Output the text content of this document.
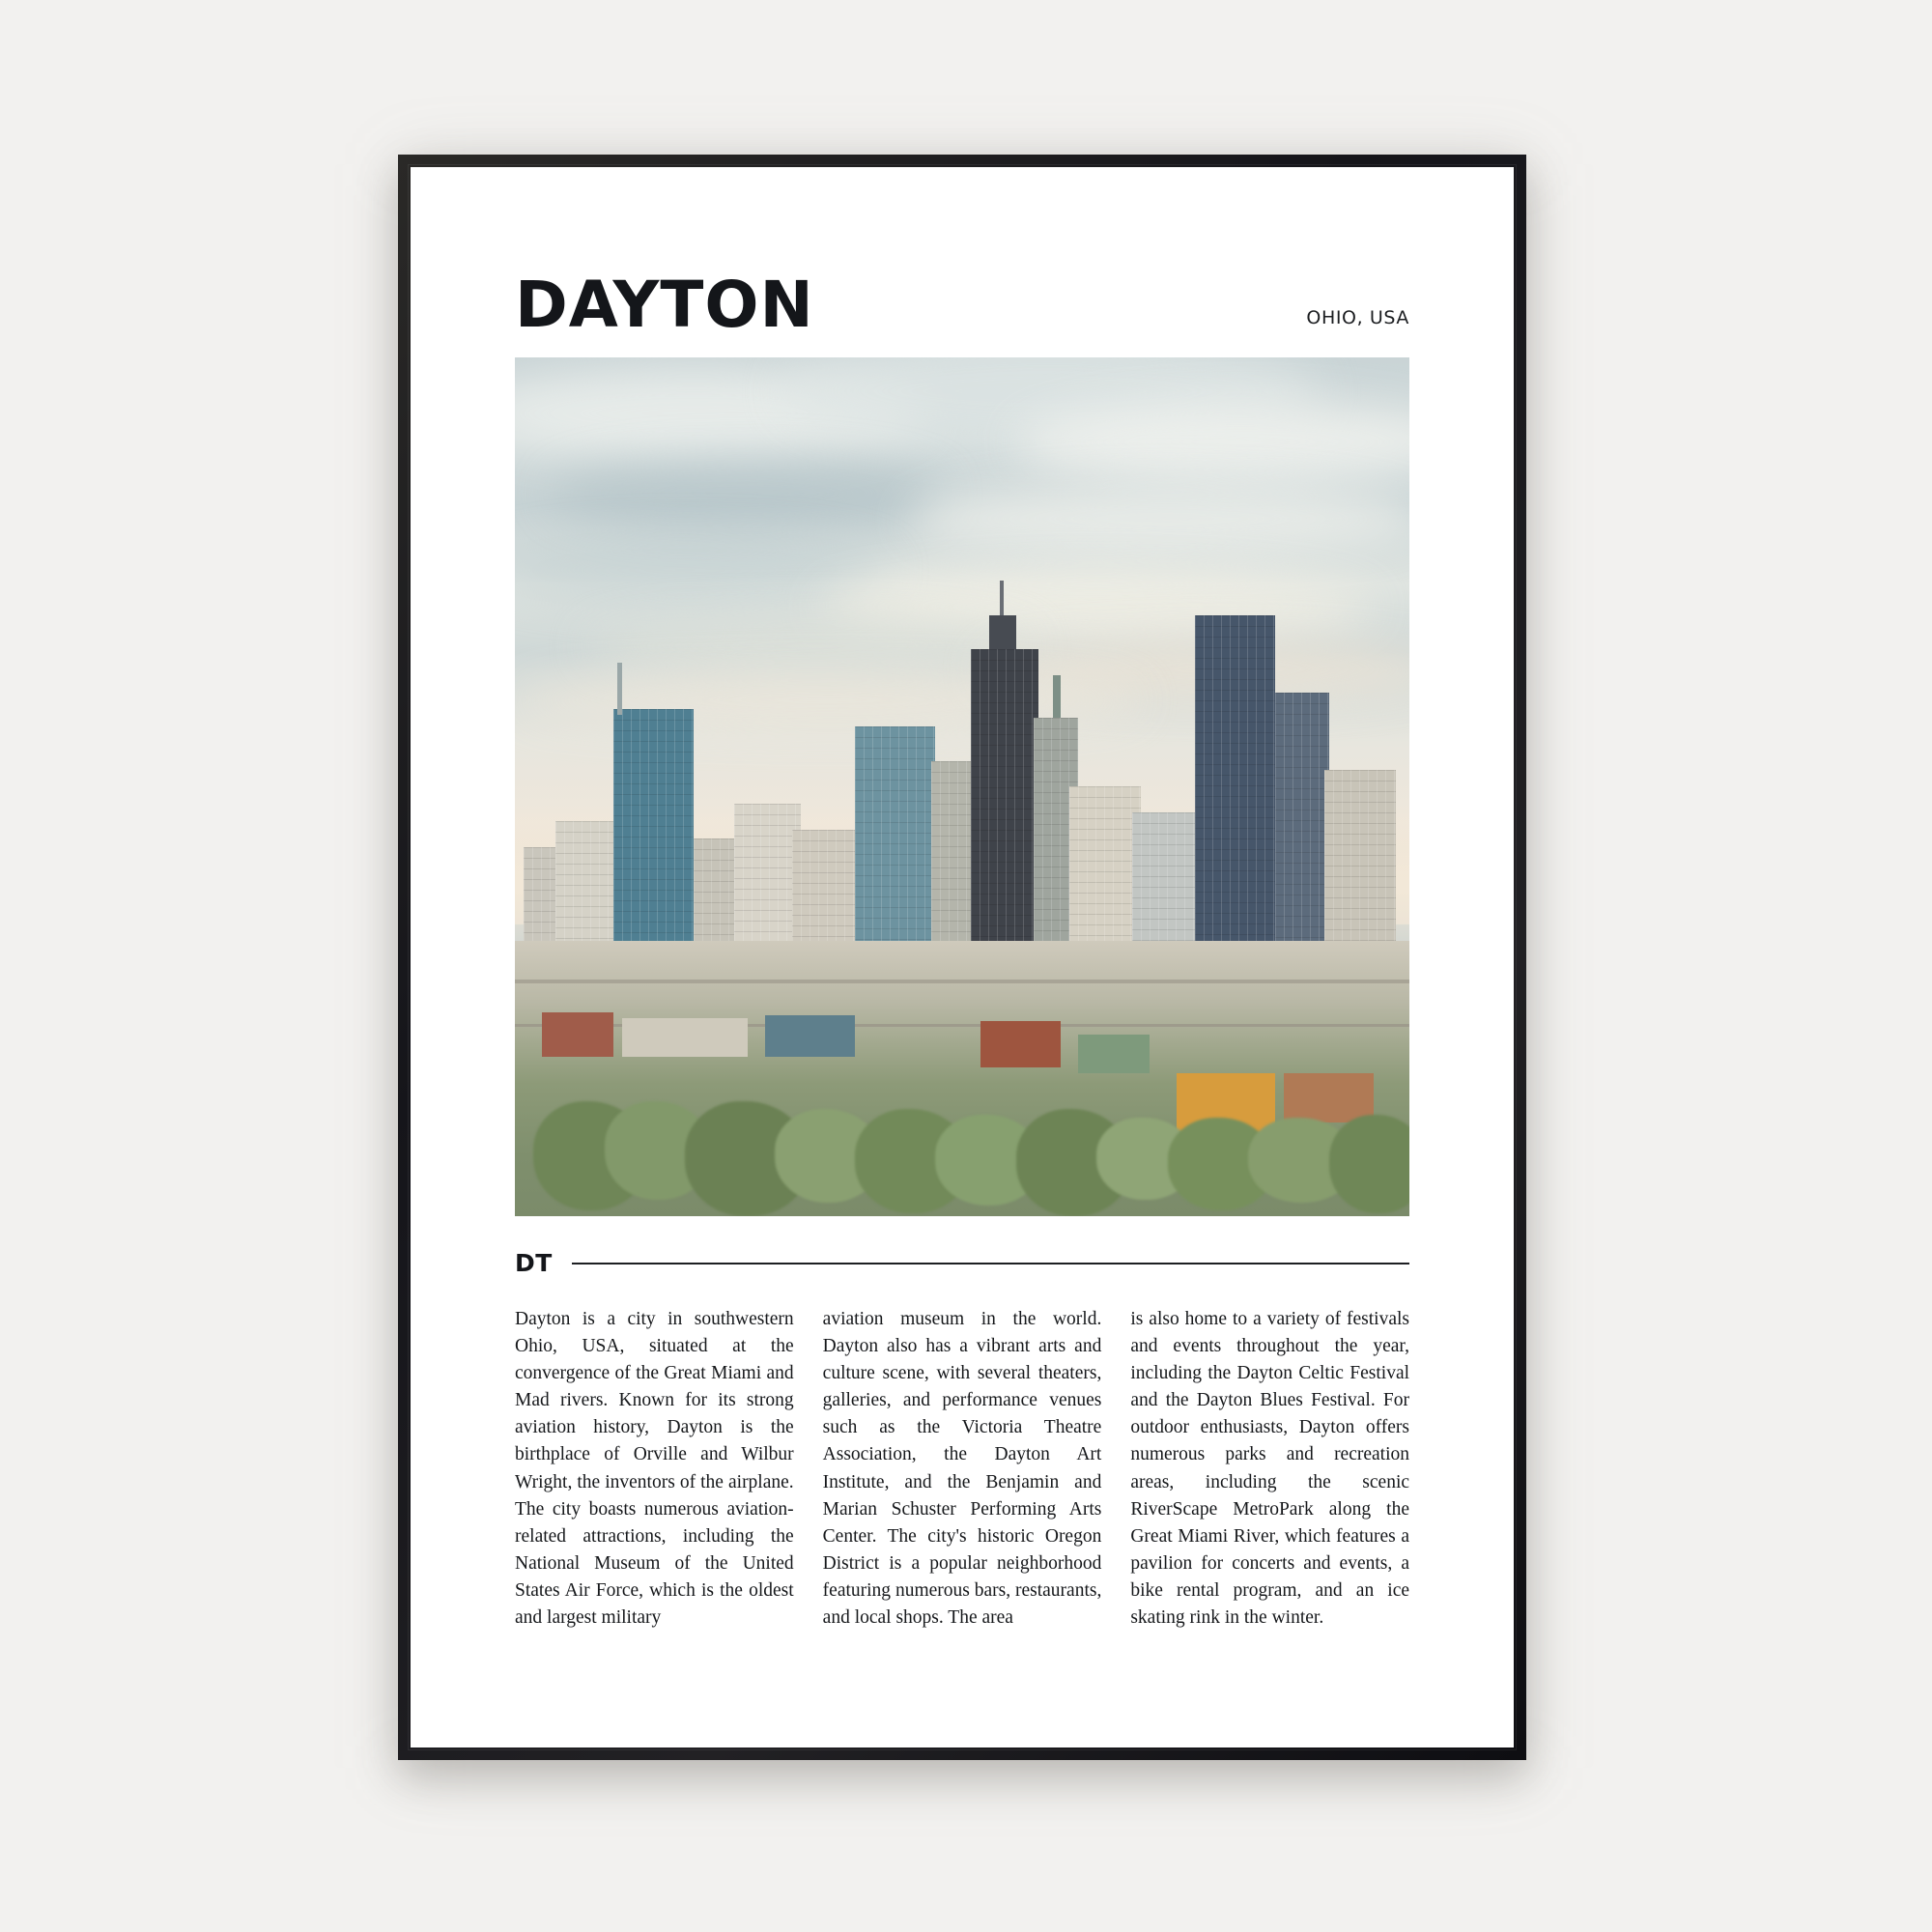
DAYTON	OHIO, USA
DT
Dayton is a city in southwestern Ohio, USA, situated at the convergence of the Great Miami and Mad rivers. Known for its strong aviation history, Dayton is the birthplace of Orville and Wilbur Wright, the inventors of the airplane. The city boasts numerous aviation-related attractions, including the National Museum of the United States Air Force, which is the oldest and largest military
aviation museum in the world. Dayton also has a vibrant arts and culture scene, with several theaters, galleries, and performance venues such as the Victoria Theatre Association, the Dayton Art Institute, and the Benjamin and Marian Schuster Performing Arts Center. The city's historic Oregon District is a popular neighborhood featuring numerous bars, restaurants, and local shops. The area
is also home to a variety of festivals and events throughout the year, including the Dayton Celtic Festival and the Dayton Blues Festival. For outdoor enthusiasts, Dayton offers numerous parks and recreation areas, including the scenic RiverScape MetroPark along the Great Miami River, which features a pavilion for concerts and events, a bike rental program, and an ice skating rink in the winter.
